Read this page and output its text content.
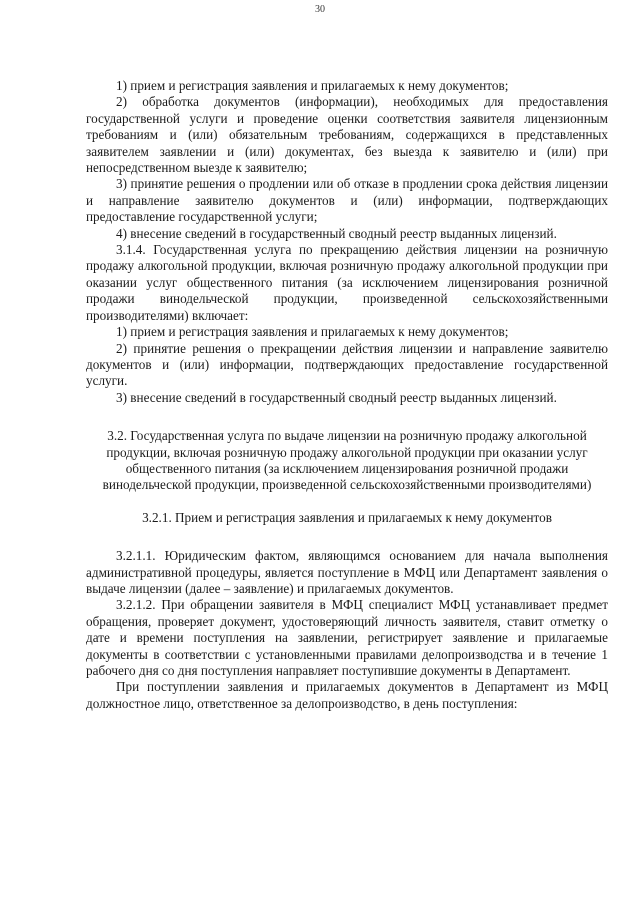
30

1) прием и регистрация заявления и прилагаемых к нему документов;

2) обработка документов (информации), необходимых для предоставления государственной услуги и проведение оценки соответствия заявителя лицензионным требованиям и (или) обязательным требованиям, содержащихся в представленных заявителем заявлении и (или) документах, без выезда к заявителю и (или) при непосредственном выезде к заявителю;

3) принятие решения о продлении или об отказе в продлении срока действия лицензии и направление заявителю документов и (или) информации, подтверждающих предоставление государственной услуги;

4) внесение сведений в государственный сводный реестр выданных лицензий.

3.1.4. Государственная услуга по прекращению действия лицензии на розничную продажу алкогольной продукции, включая розничную продажу алкогольной продукции при оказании услуг общественного питания (за исключением лицензирования розничной продажи винодельческой продукции, произведенной сельскохозяйственными производителями) включает:

1) прием и регистрация заявления и прилагаемых к нему документов;

2) принятие решения о прекращении действия лицензии и направление заявителю документов и (или) информации, подтверждающих предоставление государственной услуги.

3) внесение сведений в государственный сводный реестр выданных лицензий.

3.2. Государственная услуга по выдаче лицензии на розничную продажу алкогольной продукции, включая розничную продажу алкогольной продукции при оказании услуг общественного питания (за исключением лицензирования розничной продажи винодельческой продукции, произведенной сельскохозяйственными производителями)

3.2.1. Прием и регистрация заявления и прилагаемых к нему документов

3.2.1.1. Юридическим фактом, являющимся основанием для начала выполнения административной процедуры, является поступление в МФЦ или Департамент заявления о выдаче лицензии (далее – заявление) и прилагаемых документов.

3.2.1.2. При обращении заявителя в МФЦ специалист МФЦ устанавливает предмет обращения, проверяет документ, удостоверяющий личность заявителя, ставит отметку о дате и времени поступления на заявлении, регистрирует заявление и прилагаемые документы в соответствии с установленными правилами делопроизводства и в течение 1 рабочего дня со дня поступления направляет поступившие документы в Департамент.

При поступлении заявления и прилагаемых документов в Департамент из МФЦ должностное лицо, ответственное за делопроизводство, в день поступления:
